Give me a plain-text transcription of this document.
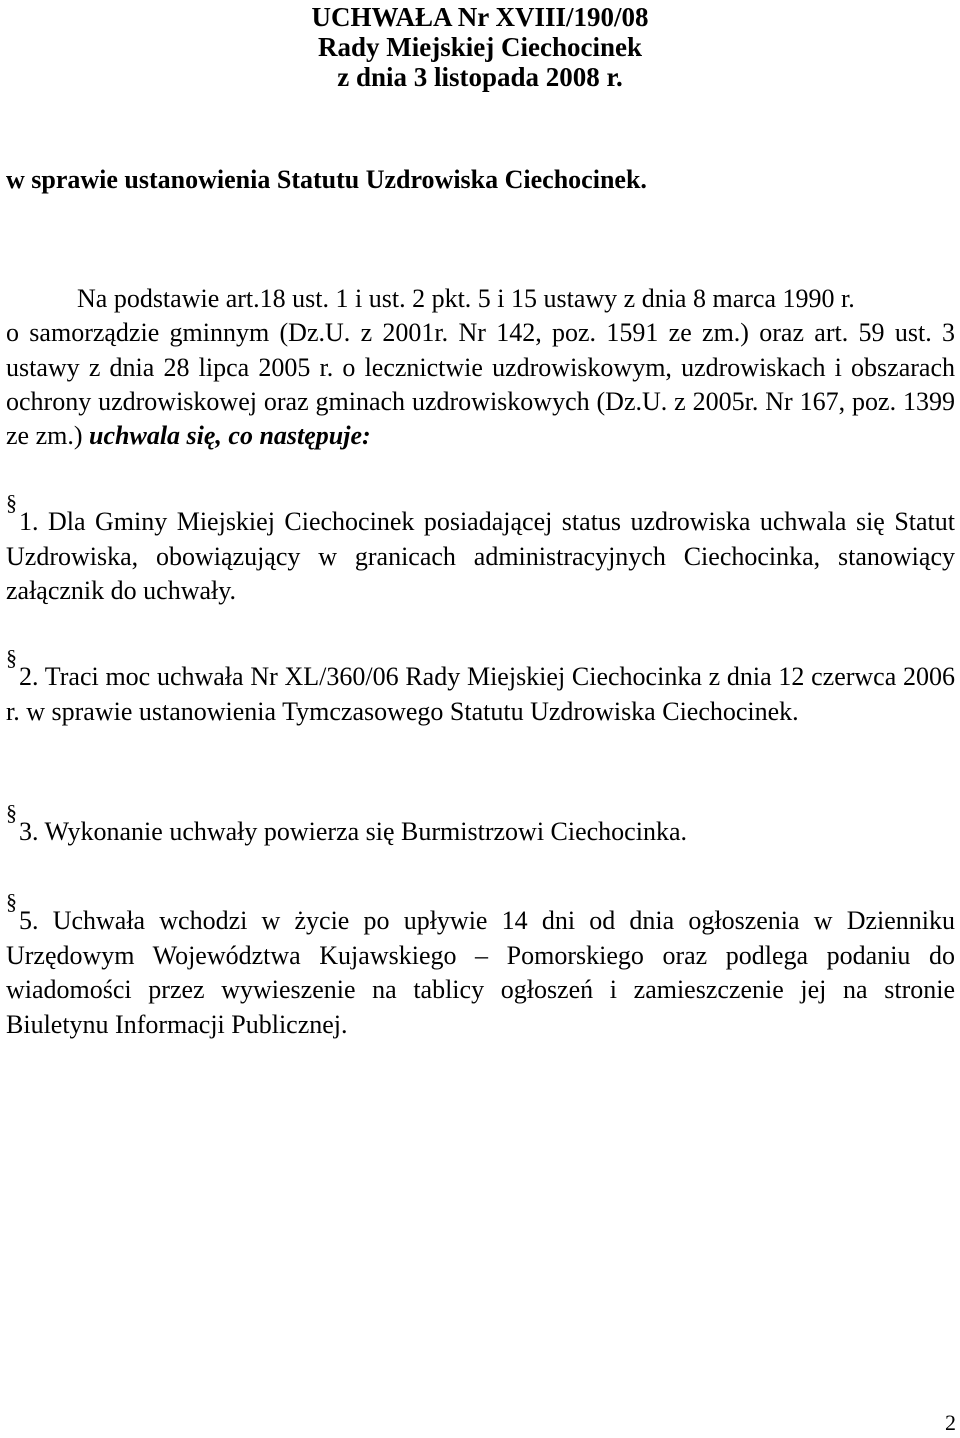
UCHWAŁA Nr XVIII/190/08
Rady Miejskiej Ciechocinek
z dnia 3 listopada 2008 r.
w sprawie ustanowienia Statutu Uzdrowiska Ciechocinek.
Na podstawie art.18 ust. 1 i ust. 2 pkt. 5 i 15 ustawy z dnia 8 marca 1990 r.
o samorządzie gminnym (Dz.U. z 2001r. Nr 142, poz. 1591 ze zm.) oraz art. 59 ust. 3 ustawy z dnia 28 lipca 2005 r. o lecznictwie uzdrowiskowym, uzdrowiskach i obszarach ochrony uzdrowiskowej oraz gminach uzdrowiskowych (Dz.U. z 2005r. Nr 167, poz. 1399 ze zm.) uchwala się, co następuje:
§
1. Dla Gminy Miejskiej Ciechocinek posiadającej status uzdrowiska uchwala się Statut Uzdrowiska, obowiązujący w granicach administracyjnych Ciechocinka, stanowiący załącznik do uchwały.
§
2. Traci moc uchwała Nr XL/360/06 Rady Miejskiej Ciechocinka z dnia 12 czerwca 2006 r. w sprawie ustanowienia Tymczasowego Statutu Uzdrowiska Ciechocinek.
§
3. Wykonanie uchwały powierza się Burmistrzowi Ciechocinka.
§
5. Uchwała wchodzi w życie po upływie 14 dni od dnia ogłoszenia w Dzienniku Urzędowym Województwa Kujawskiego – Pomorskiego oraz podlega podaniu do wiadomości przez wywieszenie na tablicy ogłoszeń i zamieszczenie jej na stronie Biuletynu Informacji Publicznej.
2
